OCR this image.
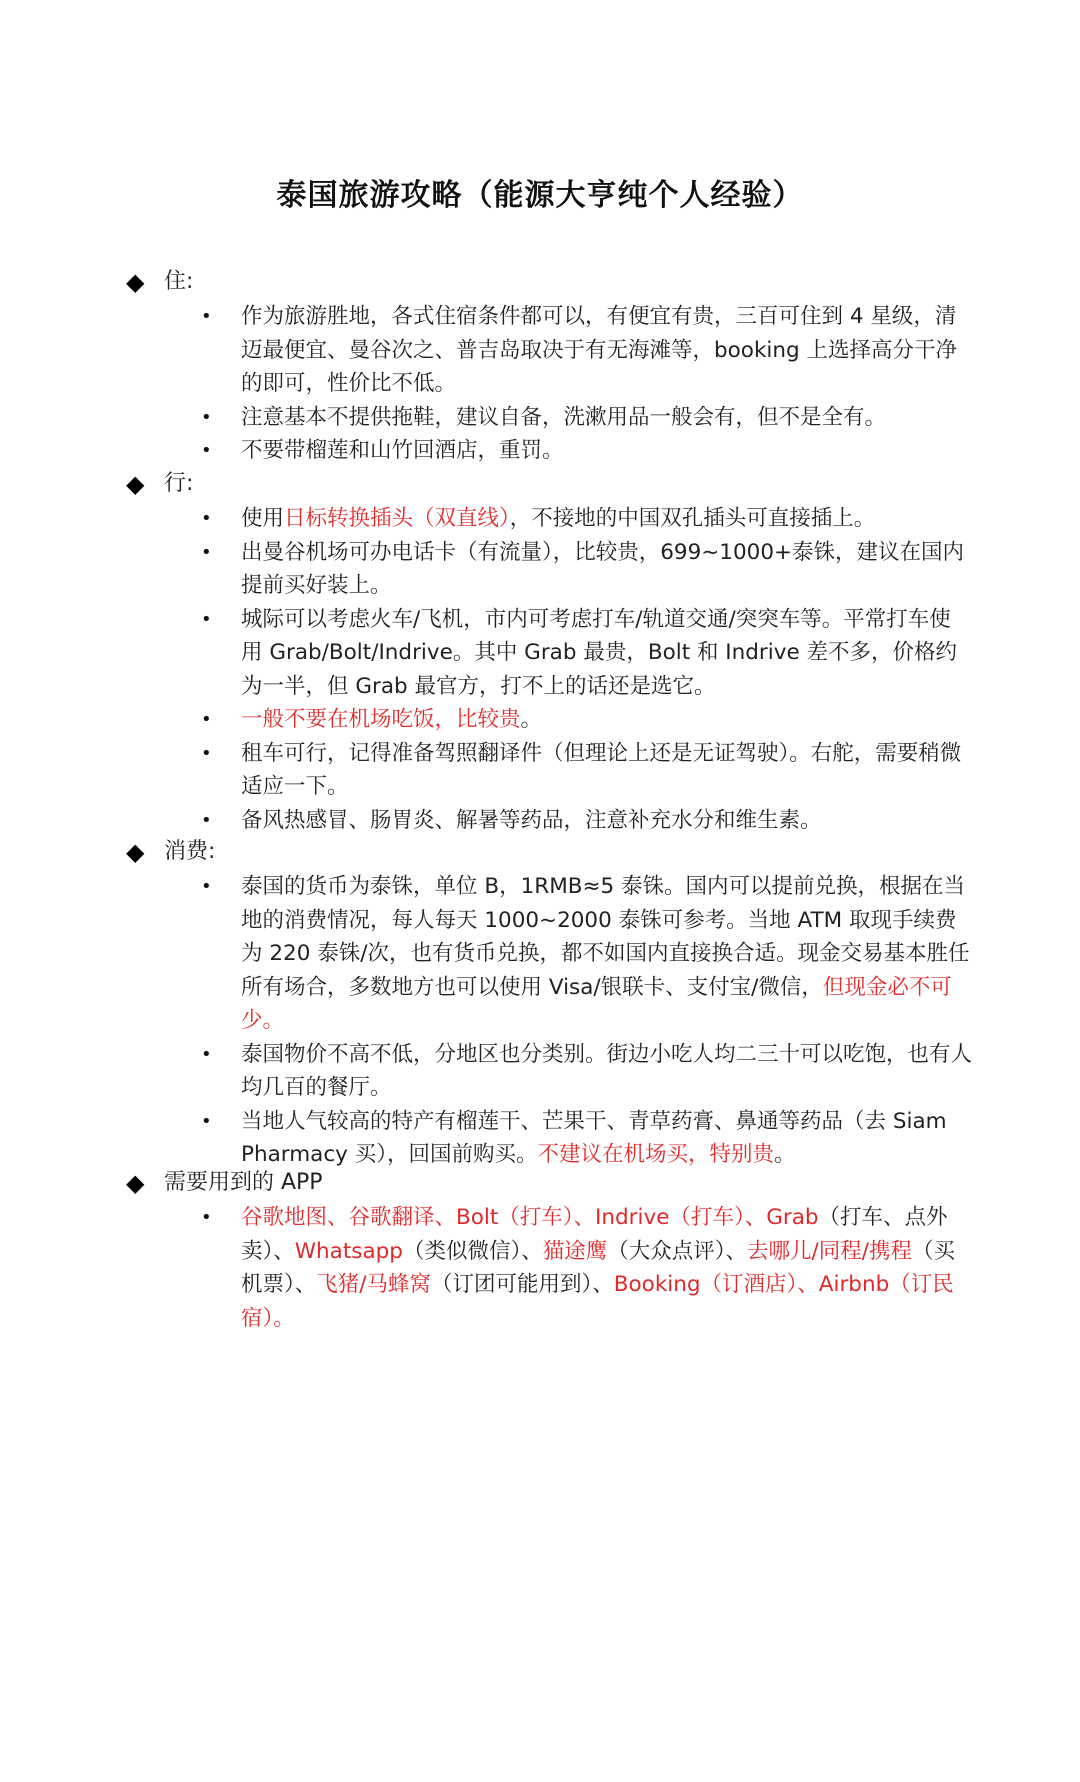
泰国旅游攻略（能源大亨纯个人经验）
◆ 住:
• 作为旅游胜地，各式住宿条件都可以，有便宜有贵，三百可住到 4 星级，清迈最便宜、曼谷次之、普吉岛取决于有无海滩等，booking 上选择高分干净的即可，性价比不低。
• 注意基本不提供拖鞋，建议自备，洗漱用品一般会有，但不是全有。
• 不要带榴莲和山竹回酒店，重罚。
◆ 行:
• 使用日标转换插头（双直线），不接地的中国双孔插头可直接插上。
• 出曼谷机场可办电话卡（有流量），比较贵，699~1000+泰铢，建议在国内提前买好装上。
• 城际可以考虑火车/飞机，市内可考虑打车/轨道交通/突突车等。平常打车使用 Grab/Bolt/Indrive。其中 Grab 最贵，Bolt 和 Indrive 差不多，价格约为一半，但 Grab 最官方，打不上的话还是选它。
• 一般不要在机场吃饭，比较贵。
• 租车可行，记得准备驾照翻译件（但理论上还是无证驾驶）。右舵，需要稍微适应一下。
• 备风热感冒、肠胃炎、解暑等药品，注意补充水分和维生素。
◆ 消费:
• 泰国的货币为泰铢，单位 B，1RMB≈5 泰铢。国内可以提前兑换，根据在当地的消费情况，每人每天 1000~2000 泰铢可参考。当地 ATM 取现手续费为 220 泰铢/次，也有货币兑换，都不如国内直接换合适。现金交易基本胜任所有场合，多数地方也可以使用 Visa/银联卡、支付宝/微信，但现金必不可少。
• 泰国物价不高不低，分地区也分类别。街边小吃人均二三十可以吃饱，也有人均几百的餐厅。
• 当地人气较高的特产有榴莲干、芒果干、青草药膏、鼻通等药品（去 Siam Pharmacy 买），回国前购买。不建议在机场买，特别贵。
◆ 需要用到的 APP
• 谷歌地图、谷歌翻译、Bolt（打车）、Indrive（打车）、Grab（打车、点外卖）、Whatsapp（类似微信）、猫途鹰（大众点评）、去哪儿/同程/携程（买机票）、飞猪/马蜂窝（订团可能用到）、Booking（订酒店）、Airbnb（订民宿）。
